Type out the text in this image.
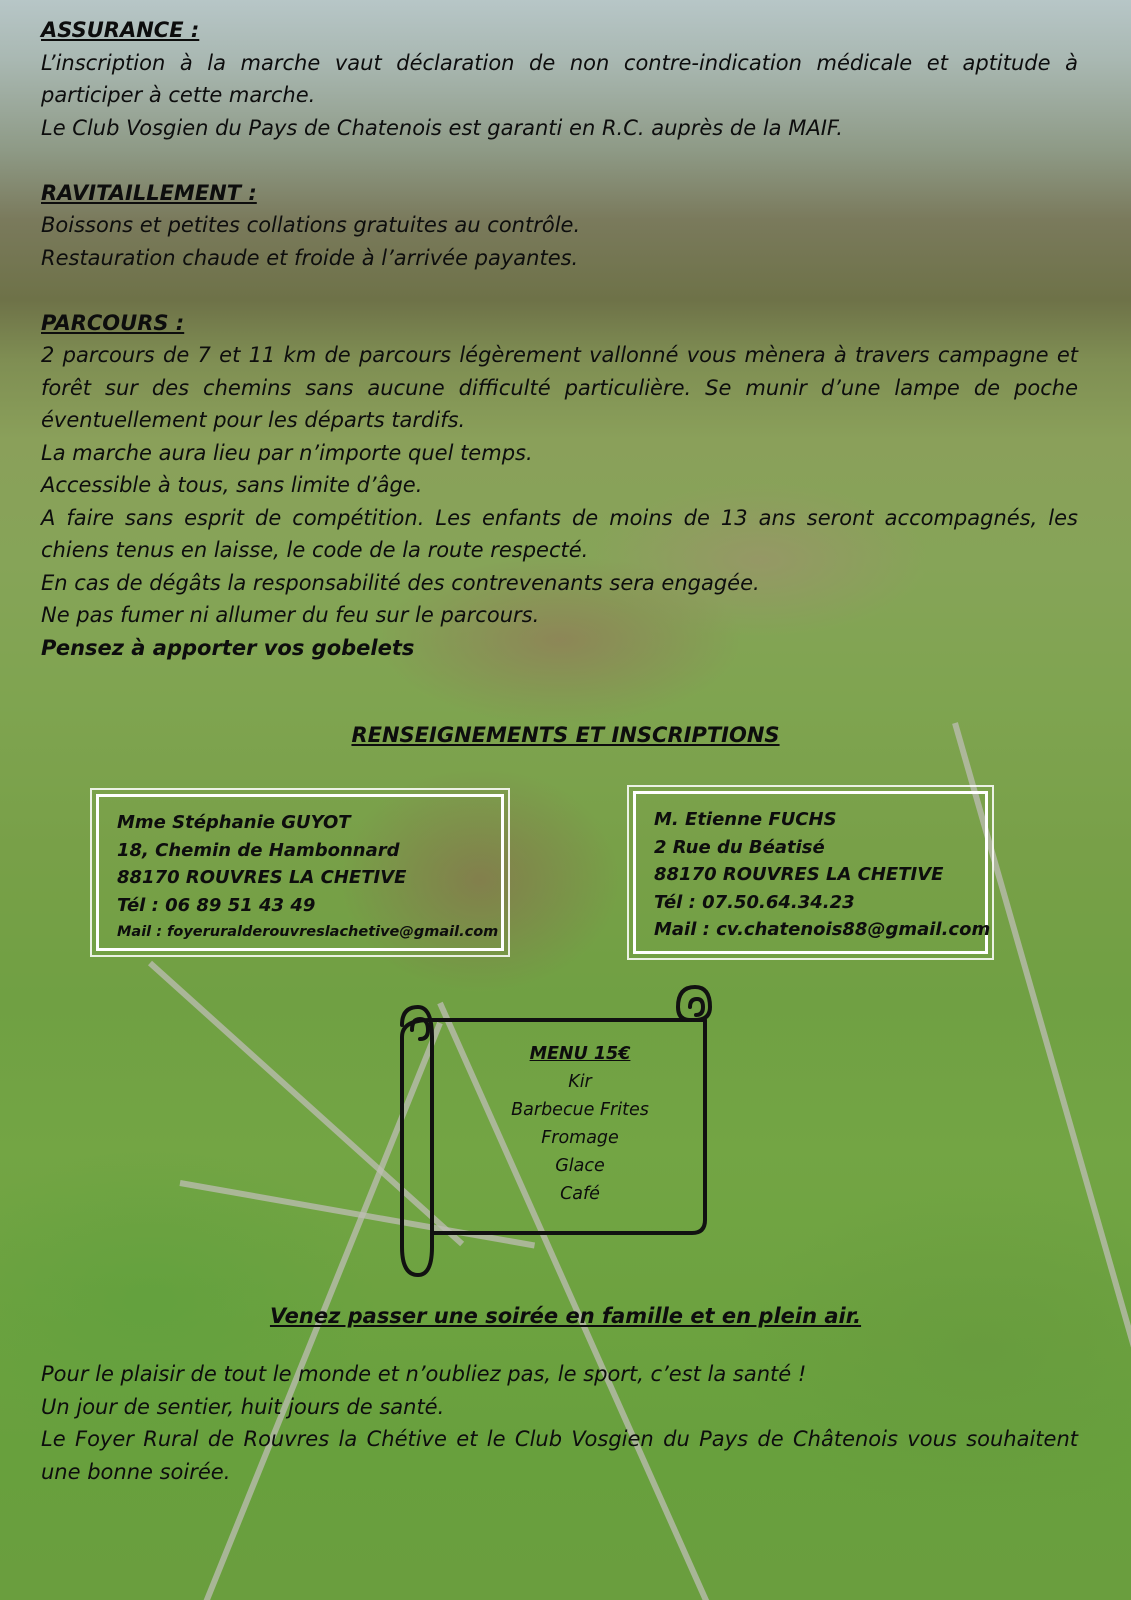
ASSURANCE :

L’inscription à la marche vaut déclaration de non contre-indication médicale et aptitude à participer à cette marche.

Le Club Vosgien du Pays de Chatenois est garanti en R.C. auprès de la MAIF.

RAVITAILLEMENT :

Boissons et petites collations gratuites au contrôle.

Restauration chaude et froide à l’arrivée payantes.

PARCOURS :

2 parcours de 7 et 11 km de parcours légèrement vallonné vous mènera à travers campagne et forêt sur des chemins sans aucune difficulté particulière. Se munir d’une lampe de poche éventuellement pour les départs tardifs.

La marche aura lieu par n’importe quel temps.

Accessible à tous, sans limite d’âge.

A faire sans esprit de compétition. Les enfants de moins de 13 ans seront accompagnés, les chiens tenus en laisse, le code de la route respecté.

En cas de dégâts la responsabilité des contrevenants sera engagée.

Ne pas fumer ni allumer du feu sur le parcours.

Pensez à apporter vos gobelets

RENSEIGNEMENTS ET INSCRIPTIONS

Mme Stéphanie GUYOT

18, Chemin de Hambonnard

88170 ROUVRES LA CHETIVE

Tél : 06 89 51 43 49

Mail : foyeruralderouvreslachetive@gmail.com

M. Etienne FUCHS

2 Rue du Béatisé

88170 ROUVRES LA CHETIVE

Tél : 07.50.64.34.23

Mail : cv.chatenois88@gmail.com

MENU 15€

Kir

Barbecue Frites

Fromage

Glace

Café

Venez passer une soirée en famille et en plein air.

Pour le plaisir de tout le monde et n’oubliez pas, le sport, c’est la santé !

Un jour de sentier, huit jours de santé.

Le Foyer Rural de Rouvres la Chétive et le Club Vosgien du Pays de Châtenois vous souhaitent une bonne soirée.
